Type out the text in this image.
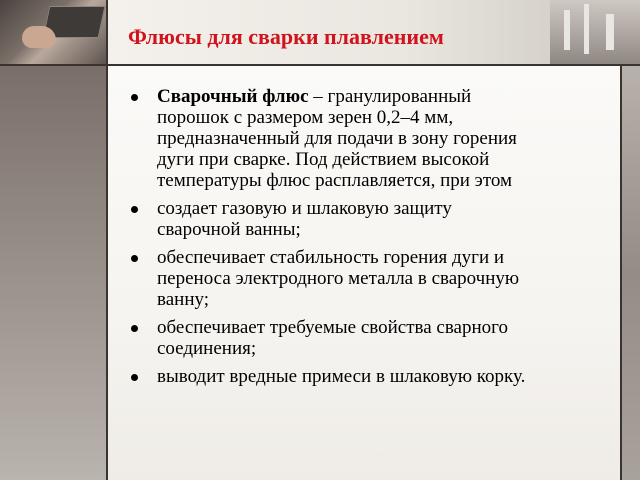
Флюсы для сварки плавлением
Сварочный флюс – гранулированный порошок с размером зерен 0,2–4 мм, предназначенный для подачи в зону горения дуги при сварке. Под действием высокой температуры флюс расплавляется, при этом
создает газовую и шлаковую защиту сварочной ванны;
обеспечивает стабильность горения дуги и переноса электродного металла в сварочную ванну;
обеспечивает требуемые свойства сварного соединения;
выводит вредные примеси в шлаковую корку.
